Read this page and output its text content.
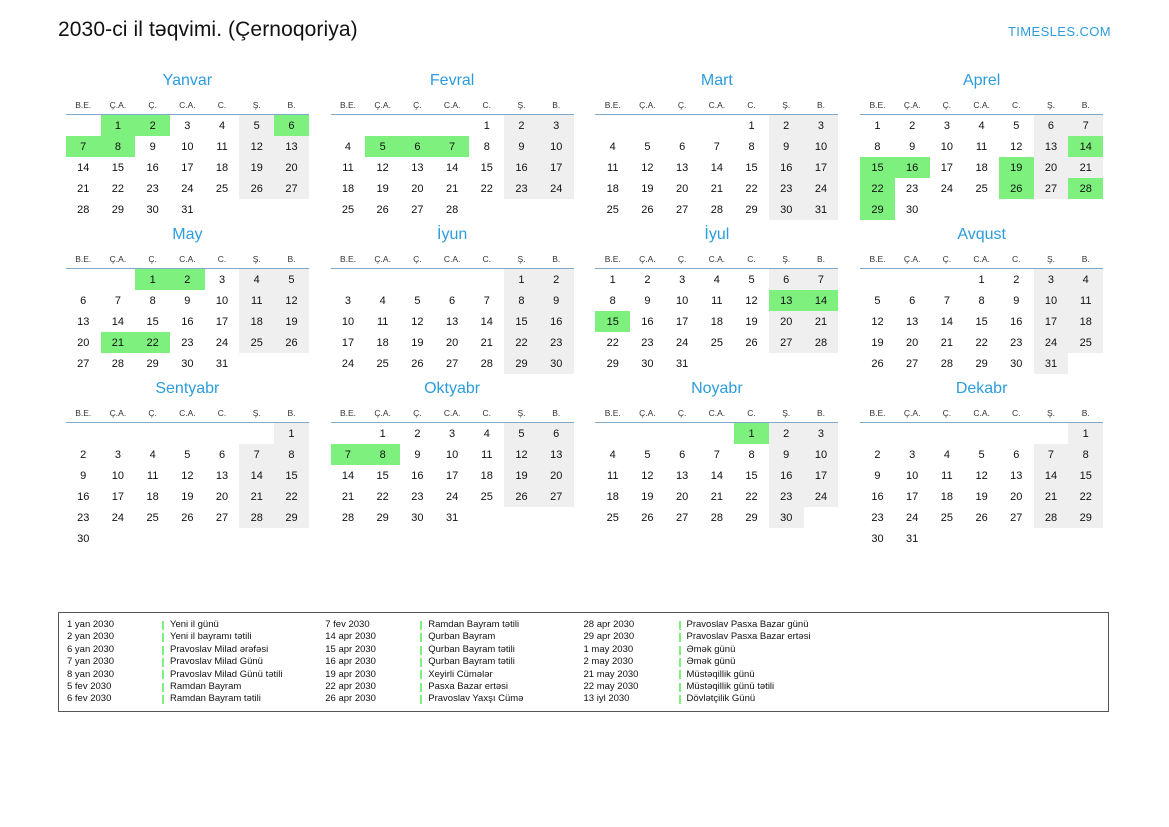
2030-ci il təqvimi. (Çernoqoriya)	TIMESLES.COM
Yanvar
B.E.	Ç.A.	Ç.	C.A.	C.	Ş.	B.
	1	2	3	4	5	6
7	8	9	10	11	12	13
14	15	16	17	18	19	20
21	22	23	24	25	26	27
28	29	30	31			
Fevral
B.E.	Ç.A.	Ç.	C.A.	C.	Ş.	B.
				1	2	3
4	5	6	7	8	9	10
11	12	13	14	15	16	17
18	19	20	21	22	23	24
25	26	27	28			
Mart
B.E.	Ç.A.	Ç.	C.A.	C.	Ş.	B.
				1	2	3
4	5	6	7	8	9	10
11	12	13	14	15	16	17
18	19	20	21	22	23	24
25	26	27	28	29	30	31
Aprel
B.E.	Ç.A.	Ç.	C.A.	C.	Ş.	B.
1	2	3	4	5	6	7
8	9	10	11	12	13	14
15	16	17	18	19	20	21
22	23	24	25	26	27	28
29	30					
May
B.E.	Ç.A.	Ç.	C.A.	C.	Ş.	B.
		1	2	3	4	5
6	7	8	9	10	11	12
13	14	15	16	17	18	19
20	21	22	23	24	25	26
27	28	29	30	31		
İyun
B.E.	Ç.A.	Ç.	C.A.	C.	Ş.	B.
					1	2
3	4	5	6	7	8	9
10	11	12	13	14	15	16
17	18	19	20	21	22	23
24	25	26	27	28	29	30
İyul
B.E.	Ç.A.	Ç.	C.A.	C.	Ş.	B.
1	2	3	4	5	6	7
8	9	10	11	12	13	14
15	16	17	18	19	20	21
22	23	24	25	26	27	28
29	30	31				
Avqust
B.E.	Ç.A.	Ç.	C.A.	C.	Ş.	B.
			1	2	3	4
5	6	7	8	9	10	11
12	13	14	15	16	17	18
19	20	21	22	23	24	25
26	27	28	29	30	31	
Sentyabr
B.E.	Ç.A.	Ç.	C.A.	C.	Ş.	B.
						1
2	3	4	5	6	7	8
9	10	11	12	13	14	15
16	17	18	19	20	21	22
23	24	25	26	27	28	29
30						
Oktyabr
B.E.	Ç.A.	Ç.	C.A.	C.	Ş.	B.
	1	2	3	4	5	6
7	8	9	10	11	12	13
14	15	16	17	18	19	20
21	22	23	24	25	26	27
28	29	30	31			
Noyabr
B.E.	Ç.A.	Ç.	C.A.	C.	Ş.	B.
				1	2	3
4	5	6	7	8	9	10
11	12	13	14	15	16	17
18	19	20	21	22	23	24
25	26	27	28	29	30	
Dekabr
B.E.	Ç.A.	Ç.	C.A.	C.	Ş.	B.
						1
2	3	4	5	6	7	8
9	10	11	12	13	14	15
16	17	18	19	20	21	22
23	24	25	26	27	28	29
30	31					
1 yan 2030	Yeni il günü
2 yan 2030	Yeni il bayramı tətili
6 yan 2030	Pravoslav Milad ərəfəsi
7 yan 2030	Pravoslav Milad Günü
8 yan 2030	Pravoslav Milad Günü tətili
5 fev 2030	Ramdan Bayram
6 fev 2030	Ramdan Bayram tətili
7 fev 2030	Ramdan Bayram tətili
14 apr 2030	Qurban Bayram
15 apr 2030	Qurban Bayram tətili
16 apr 2030	Qurban Bayram tətili
19 apr 2030	Xeyirli Cümələr
22 apr 2030	Pasxa Bazar ertəsi
26 apr 2030	Pravoslav Yaxşı Cümə
28 apr 2030	Pravoslav Pasxa Bazar günü
29 apr 2030	Pravoslav Pasxa Bazar ertəsi
1 may 2030	Əmək günü
2 may 2030	Əmək günü
21 may 2030	Müstəqillik günü
22 may 2030	Müstəqillik günü tətili
13 iyl 2030	Dövlətçilik Günü
